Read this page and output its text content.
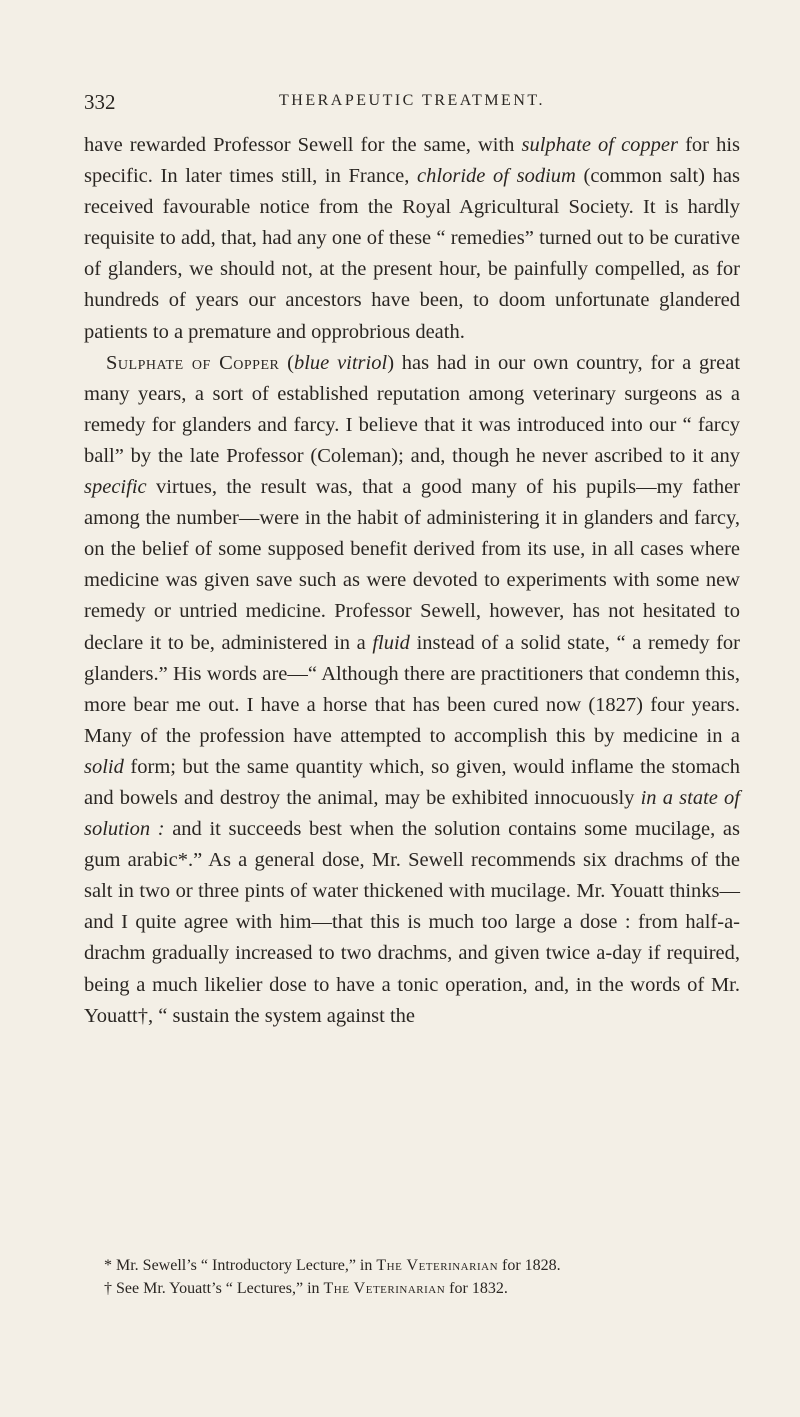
332	THERAPEUTIC TREATMENT.

have rewarded Professor Sewell for the same, with sulphate of copper for his specific. In later times still, in France, chloride of sodium (common salt) has received favourable notice from the Royal Agricultural Society. It is hardly requisite to add, that, had any one of these “ remedies” turned out to be curative of glanders, we should not, at the present hour, be painfully compelled, as for hundreds of years our ancestors have been, to doom unfortunate glandered patients to a premature and opprobrious death.

Sulphate of Copper (blue vitriol) has had in our own country, for a great many years, a sort of established reputation among veterinary surgeons as a remedy for glanders and farcy. I believe that it was introduced into our “ farcy ball” by the late Professor (Coleman); and, though he never ascribed to it any specific virtues, the result was, that a good many of his pupils—my father among the number—were in the habit of administering it in glanders and farcy, on the belief of some supposed benefit derived from its use, in all cases where medicine was given save such as were devoted to experiments with some new remedy or untried medicine. Professor Sewell, however, has not hesitated to declare it to be, administered in a fluid instead of a solid state, “ a remedy for glanders.” His words are—“ Although there are practitioners that condemn this, more bear me out. I have a horse that has been cured now (1827) four years. Many of the profession have attempted to accomplish this by medicine in a solid form; but the same quantity which, so given, would inflame the stomach and bowels and destroy the animal, may be exhibited innocuously in a state of solution : and it succeeds best when the solution contains some mucilage, as gum arabic*.” As a general dose, Mr. Sewell recommends six drachms of the salt in two or three pints of water thickened with mucilage. Mr. Youatt thinks—and I quite agree with him—that this is much too large a dose : from half-a-drachm gradually increased to two drachms, and given twice a-day if required, being a much likelier dose to have a tonic operation, and, in the words of Mr. Youatt†, “ sustain the system against the

* Mr. Sewell’s “ Introductory Lecture,” in The Veterinarian for 1828.

† See Mr. Youatt’s “ Lectures,” in The Veterinarian for 1832.
